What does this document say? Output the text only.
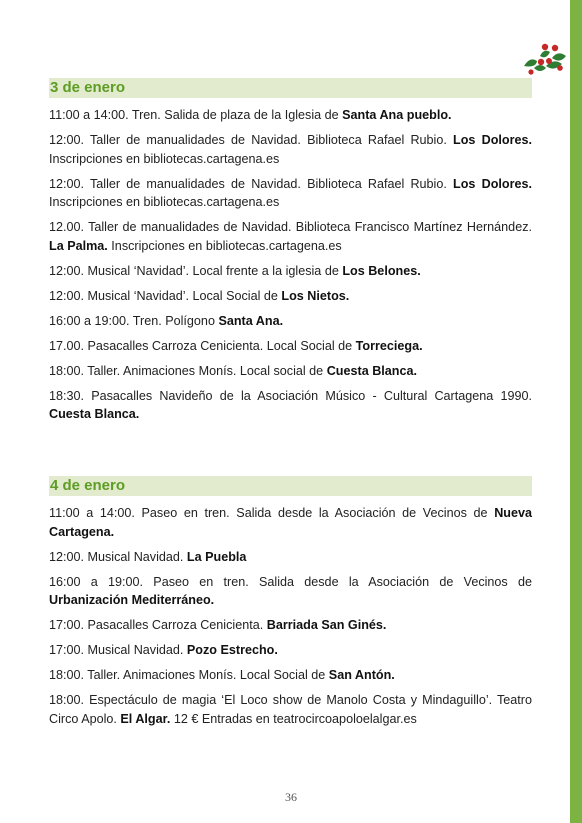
3 de enero

11:00 a 14:00. Tren. Salida de plaza de la Iglesia de Santa Ana pueblo.

12:00. Taller de manualidades de Navidad. Biblioteca Rafael Rubio. Los Dolores. Inscripciones en bibliotecas.cartagena.es

12:00. Taller de manualidades de Navidad. Biblioteca Rafael Rubio. Los Dolores. Inscripciones en bibliotecas.cartagena.es

12.00. Taller de manualidades de Navidad. Biblioteca Francisco Martínez Hernández. La Palma. Inscripciones en bibliotecas.cartagena.es

12:00. Musical ‘Navidad’. Local frente a la iglesia de Los Belones.

12:00. Musical ‘Navidad’. Local Social de Los Nietos.

16:00 a 19:00. Tren. Polígono Santa Ana.

17.00. Pasacalles Carroza Cenicienta. Local Social de Torreciega.

18:00. Taller. Animaciones Monís. Local social de Cuesta Blanca.

18:30. Pasacalles Navideño de la Asociación Músico - Cultural Cartagena 1990. Cuesta Blanca.

4 de enero

11:00 a 14:00. Paseo en tren. Salida desde la Asociación de Vecinos de Nueva Cartagena.

12:00. Musical Navidad. La Puebla

16:00 a 19:00. Paseo en tren. Salida desde la Asociación de Vecinos de Urbanización Mediterráneo.

17:00. Pasacalles Carroza Cenicienta. Barriada San Ginés.

17:00. Musical Navidad. Pozo Estrecho.

18:00. Taller. Animaciones Monís. Local Social de San Antón.

18:00. Espectáculo de magia ‘El Loco show de Manolo Costa y Mindaguillo’. Teatro Circo Apolo. El Algar. 12 € Entradas en teatrocircoapoloelalgar.es

36
